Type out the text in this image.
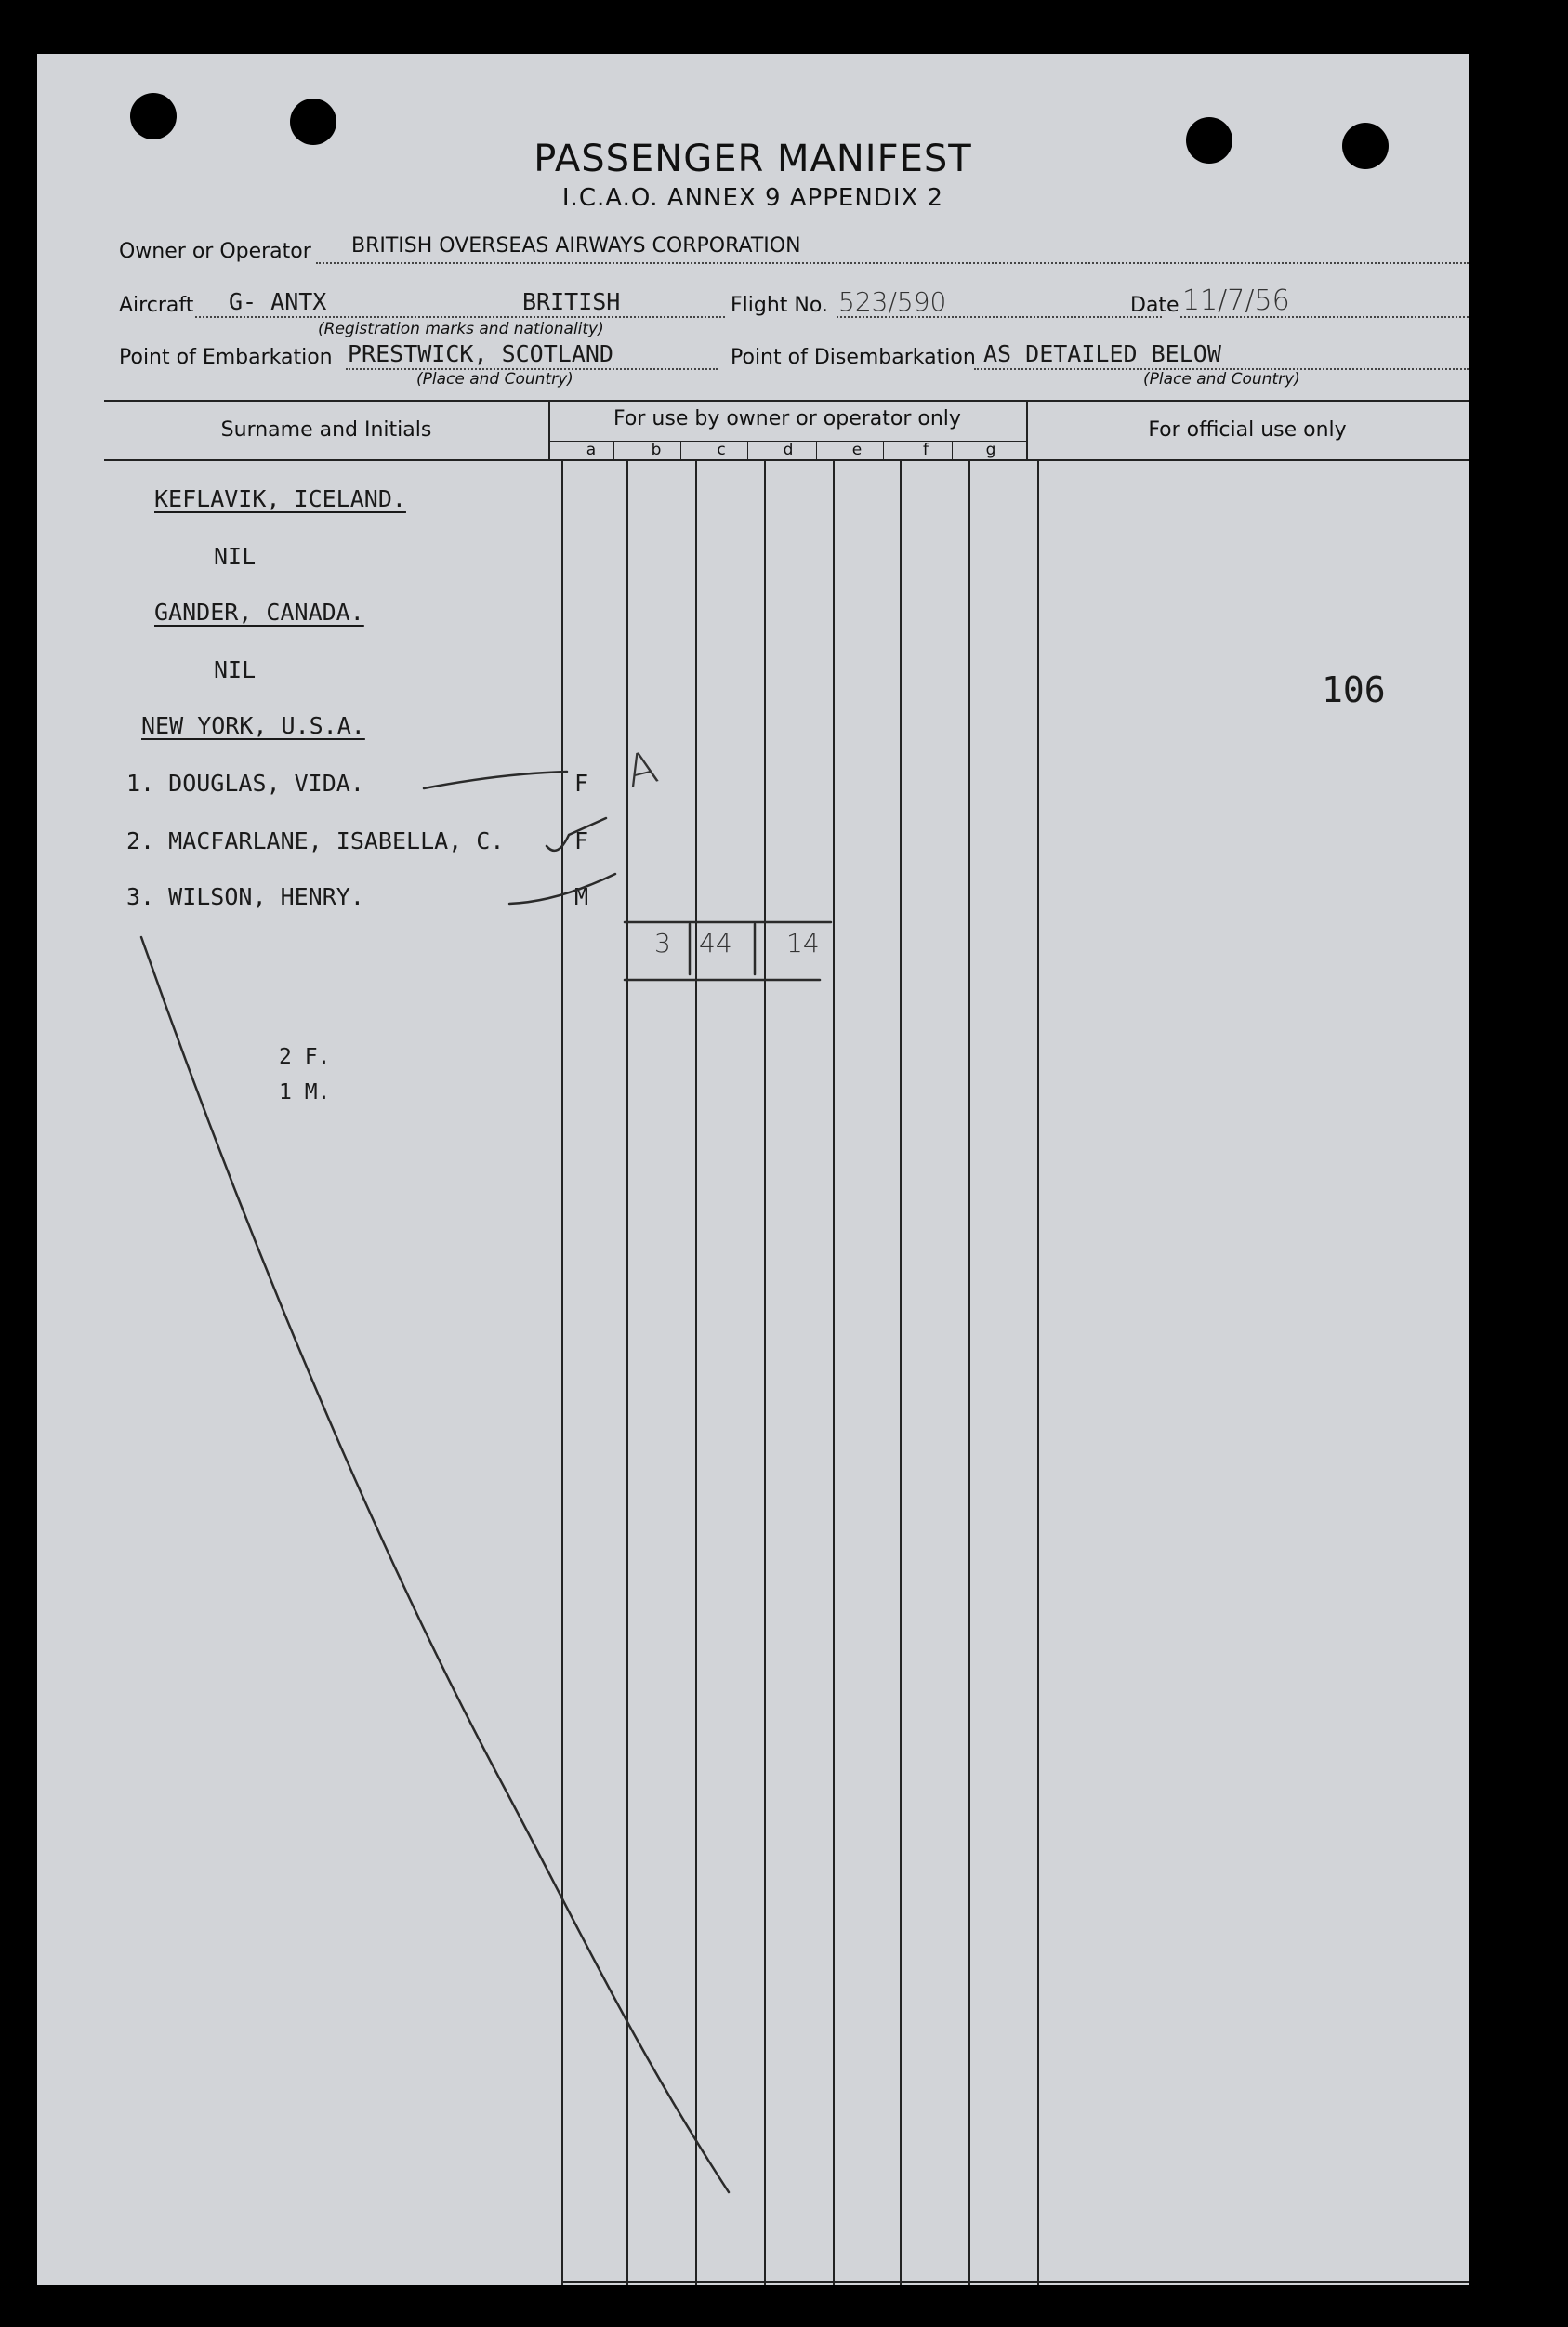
PASSENGER MANIFEST
I.C.A.O. ANNEX 9 APPENDIX 2
Owner or Operator BRITISH OVERSEAS AIRWAYS CORPORATION
Aircraft G- ANTX	BRITISH
(Registration marks and nationality)
Flight No. 523/590	Date 11/7/56
Point of Embarkation PRESTWICK, SCOTLAND
(Place and Country)
Point of Disembarkation AS DETAILED BELOW
(Place and Country)
Surname and Initials	For use by owner or operator only	For official use only
a	b	c	d	e	f	g
KEFLAVIK, ICELAND.
NIL
GANDER, CANADA.
NIL
NEW YORK, U.S.A.
1. DOUGLAS, VIDA.	F
2. MACFARLANE, ISABELLA, C.	F
3. WILSON, HENRY.	M
2 F.
1 M.
106
A
3 44 14
